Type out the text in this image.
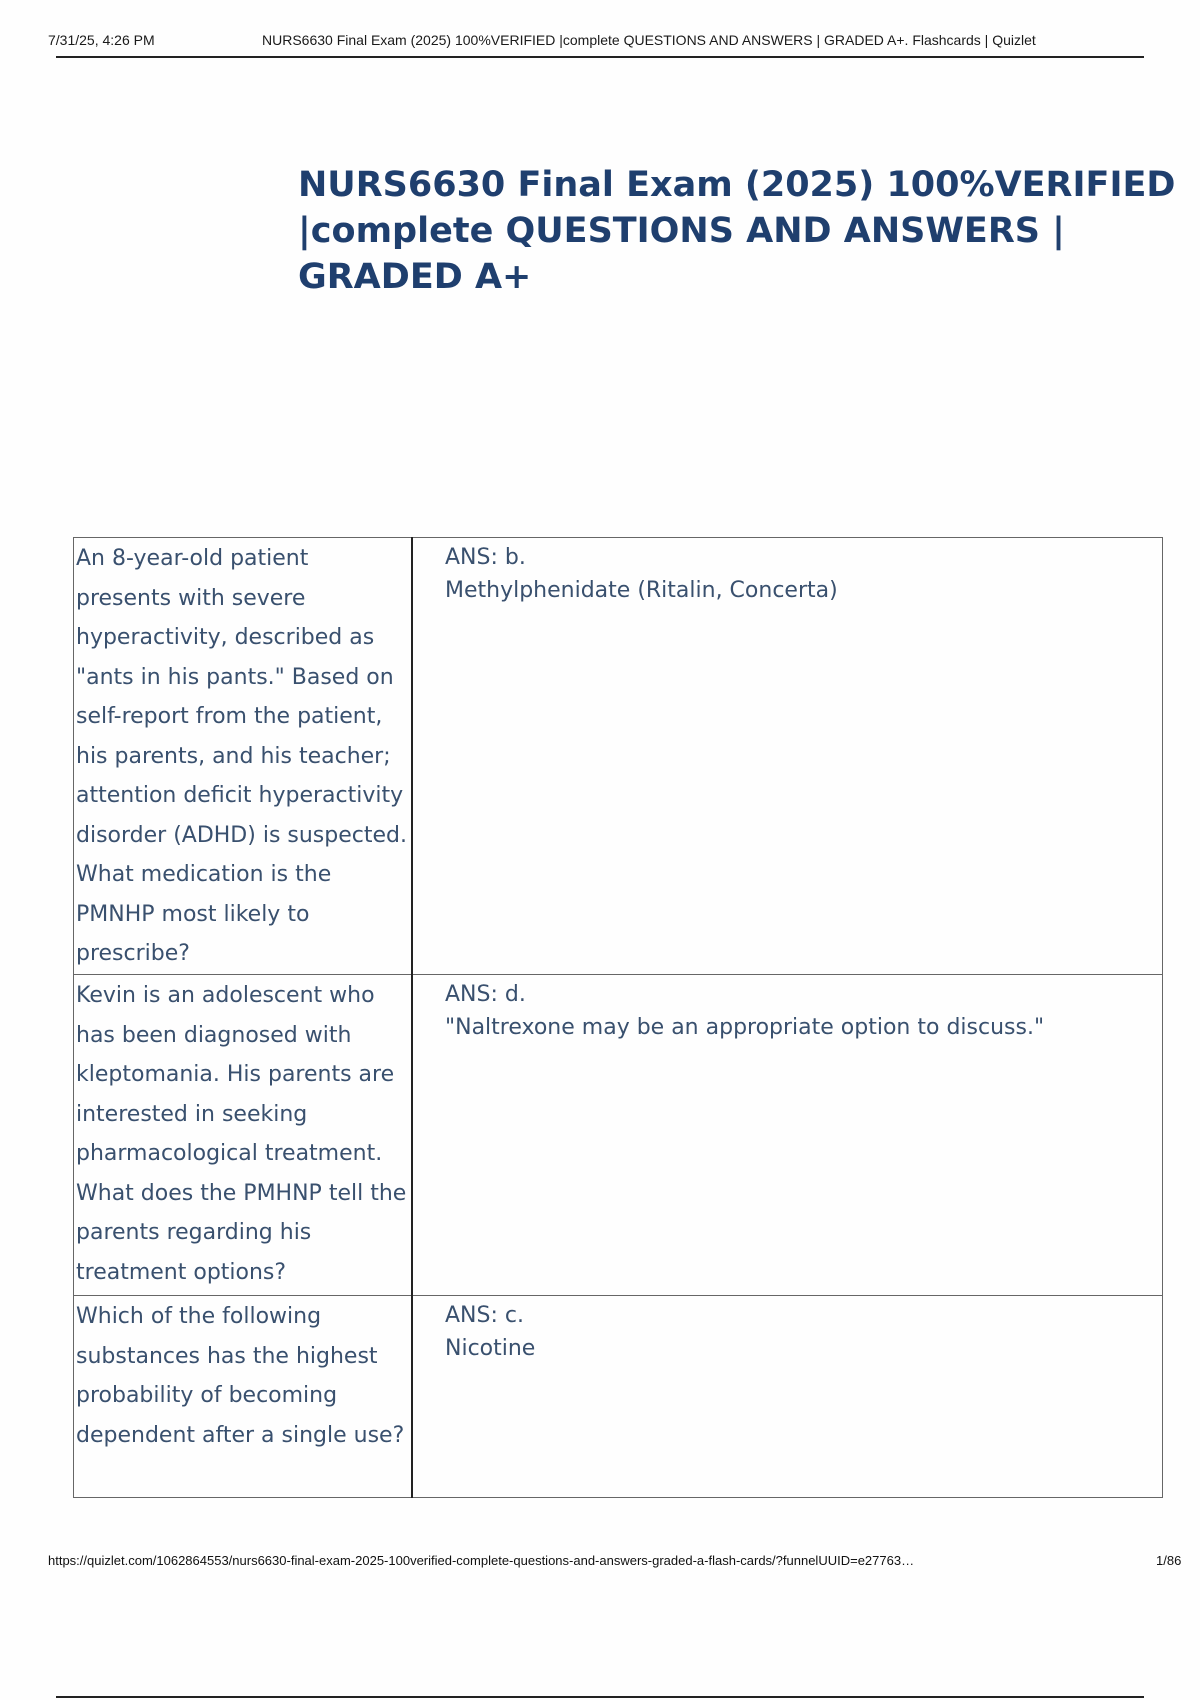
7/31/25, 4:26 PM	NURS6630 Final Exam (2025) 100%VERIFIED |complete QUESTIONS AND ANSWERS | GRADED A+. Flashcards | Quizlet
NURS6630 Final Exam (2025) 100%VERIFIED
|complete QUESTIONS AND ANSWERS | GRADED A+
An 8-year-old patient presents with severe hyperactivity, described as "ants in his pants." Based on self-report from the patient, his parents, and his teacher; attention deficit hyperactivity disorder (ADHD) is suspected. What medication is the PMNHP most likely to prescribe?	ANS: b.
Methylphenidate (Ritalin, Concerta)

Kevin is an adolescent who has been diagnosed with kleptomania. His parents are interested in seeking pharmacological treatment. What does the PMHNP tell the parents regarding his treatment options?	ANS: d.
"Naltrexone may be an appropriate option to discuss."

Which of the following substances has the highest probability of becoming dependent after a single use?	ANS: c.
Nicotine
https://quizlet.com/1062864553/nurs6630-final-exam-2025-100verified-complete-questions-and-answers-graded-a-flash-cards/?funnelUUID=e27763…	1/86
